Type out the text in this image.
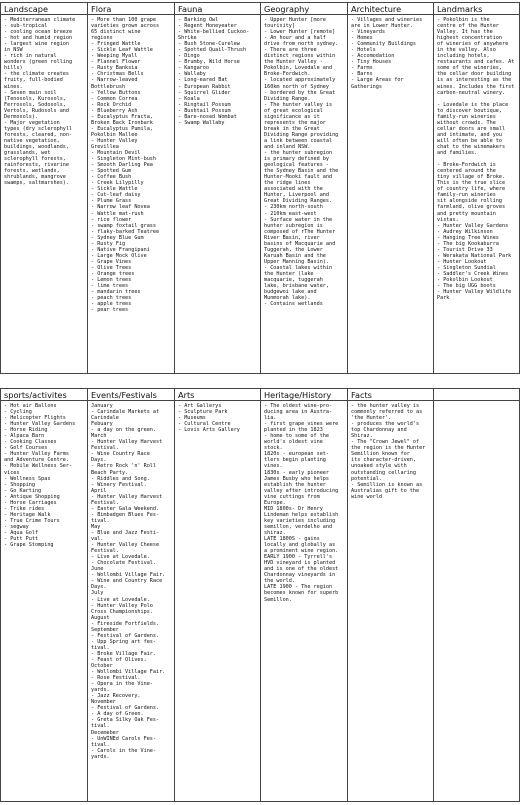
Landscape
- Mediterranean climate
- sub-tropical
- cooling ocean breeze
- hot and humid region
- largest wine region
in NSW
- rich in natural
wonders (green rolling
hills)
- the climate creates
fruity, full-bodied
wines.
- Seven main soil
(Tenosols, Kurosols,
Ferrosols, Sodosols,
Vertols, Rudosols and
Dermosols).
- Major vegetation
types (dry sclerophyll
forests, cleared, non-
native vegetation,
buildings, woodlands,
grasslands, wet
sclerophyll forests,
rainforests, riverine
forests, wetlands,
shrublands, mangrove
swamps, saltmarshes).
Flora
- More than 100 grape
varieties grown across
65 distinct wine
regions
- Fringed Wattle
- Sickle Leaf Wattle
- Weeping Myall
- Flannel Flower
- Rusty Banksia
- Christmas Bells
- Narrow-leaved
Bottlebrush
- Yellow Buttons
- Common Correa
- Rock Orchid
- Blueberry Ash
- Eucalyptus Fracta,
Broken Back Ironbark
- Eucalyptus Pumila,
Pokolbin Mallee
- Hunter Valley
Grevillea
- Mountain Devil
- Singleton Mint-bush
- Smooth Darling Pea
- Spotted Gum
- Coffee Bush
- Creek Lilypilly
- Sickle Wattle
- Cut-leaf daisy
- Plume Grass
- Narrow leaf Novea
- Wattle mat-rush
- rice flower
- swamp foxtail grass
- flaky-barked Teatree
- Sydney Blue Gum
- Rusty Fig
- Native Frangipani
- Large Mock Olive
- Grape Vines
- Olive Trees
- Orange trees
- Lemon trees
- lime trees
- mandarin trees
- peach trees
- apple trees
- pear trees
Fauna
- Barking Owl
- Regent Honeyeater
- White-bellied Cuckoo-
Shrike
- Bush Stone-Curelew
- Spotted Quail-Thrush
- Dingo
- Brumby, Wild Horse
- Kangaroo
- Wallaby
- Long-eared Bat
- European Rabbit
- Squirrel Glider
- Koala
- Ringtail Possum
- Bushtail Possum
- Bare-nosed Wombat
- Swamp Wallaby
Geography
- Upper Hunter [more
tourisity]
- Lower Hunter [remote]
- An hour and a half
drive from north sydney.
- There are three
distinct regions within
the Hunter Valley -
Pokolbin, Lovedale and
Broke-Fordwich.
- located approximately
160km north of Sydney
- bordered by the Great
Dividing Range.
- The hunter valley is
of great ecological
significance as it
represents the major
break in the Great
Dividing Range providing
a link between coastal
and inland NSW.
- the hunter subregion
is primary defined by
geological features -
the Sydney Basin and the
Hunter-Mooki fault and
the ridge lines
associated with the
Hunter, Liverpool and
Great Dividing Ranges.
- 230km north-south
- 210km east-west
- Surface water in the
hunter subregion is
composed of rThe Hunter
River Basin, river
basins of Macquarie and
Tuggerah, the Lower
Karuah Basin and the
Upper Manning Basin).
- Coastal lakes within
the Hunter (lake
macquarie, tuggerah
lake, brisbane water,
budgewoi lake and
Munmorah lake).
- Contains wetlands
Architecture
- Villages and wineries
are in Lower Hunter.
- Vineyards
- Homes
- Community Buildings
- Hotels
- Accomodation
- Tiny Houses
- Farms
- Barns
- Large Areas for
Gatherings
Landmarks
- Pokolbin is the
centre of the Hunter
Valley. It has the
highest concentration
of wineries of anywhere
in the valley. Also
including hotels,
restaurants and cafes. At
some of the wineries,
the cellar door building
is as interesting as the
wines. Includes the first
carbon-neutral winery.

- Lovedale is the place
to discover boutique,
family-run wineries
without crowds. The
cellar doors are small
and intimate, and you
will often be able to
chat to the winemakers
and families.

- Broke-Fordwich is
centered around the
tiny village of Broke.
This is the true slice
of country life, where
family-run wineries
sit alongside rolling
farmland, olive groves
and pretty mountain
vistas.
- Hunter Valley Gardens
- Audrey Wilkinson
- Hanging Tree Wines
- The big Kookaburra
- Tourist Drive 33
- Werakata National Park
- Hunter Lookout
- Singleton Sundial
- Saddler's Creek Wines
- Pokolbin Lookout
- The big UGG boots
- Hunter Valley Wildlife
Park
sports/activites
- Hot air Ballons
- Cycling
- Helicopter Flights
- Hunter Valley Gardens
- Horse Riding
- Alpaca Barn
- Cooking Classes
- Golf Courses
- Hunter Valley Farms
and Adventure Centre.
- Mobile Wellness Ser-
vices
- Wellness Spas
- Shopping
- Go Karting
- Antique Shopping
- Horse Carriages
- Trike rides
- Heritage Walk
- True Crime Tours
- segway
- Aqua Golf
- Putt Putt
- Grape Stomping
Events/Festivals
January
- Carindale Markets at
Carindale
Febuary
- a day on the green.
March
- Hunter Valley Harvest
Festival.
- Wine Country Race
Days.
- Retro Rock 'n' Roll
Beach Party.
- Riddles and Song.
- Winery Festival.
April
- Hunter Valley Harvest
Festival.
- Easter Gala Weekend.
- Bimbadgen Blues Fes-
tival.
May
- Blue and Jazz Festi-
val.
- Hunter Valley Cheese
Festival.
- Live at Lovedale.
- Chocolate Festival.
June
- Wollombi Village Fair.
- Wine and Country Race
Days.
July
- Live at Lovedale.
- Hunter Valley Polo
Cross Championships.
August
- Fireside Fortfields.
September
- Festival of Gardens.
- Upp Spring art fes-
tival.
- Broke Village Fair.
- Feast of Olives.
October
- Wollombi Village Fair.
- Rose Festival.
- Opera in the Vine-
yards.
- Jazz Recovery.
November
- Festival of Gardens.
- A day of Green.
- Greta Silky Oak Fes-
tival.
Decemeber
- UnWINEd Carols Fes-
tival.
- Carols in the Vine-
yards.
Arts
- Art Gallerys
- Sculpture Park
- Museums
- Cultural Centre
- Lovis Arts Gallery
Heritage/History
- The oldest wine-pro-
ducing area in Austra-
lia.
- first grape vines were
planted in the 1823
- home to some of the
world's oldest vine
stock.
1820s - european set-
tlers begin planting
vines.
1830s - early pioneer
James Busby who helps
establish the hunter
valley after introducing
vine cuttings from
Europe.
MID 1800s- Dr Henry
Lindeman helps establish
key varieties including
semillon, verdelho and
shiraz.
LATE 1800S - gains
locally and globally as
a prominent wine region.
EARLY 1900 - Tyrrell's
HVD vineyard is planted
and is one of the oldest
Chardonnay vineyards in
the world.
LATE 1900 - The region
becomes known for superb
Semillon.
Facts
- the hunter valley is
commonly referred to as
'the Hunter'.
- produces the world's
top Chardonnay and
Shiraz.
- The "Crown Jewel" of
the region is the Hunter
Semillion known for
its character-driven,
unoaked style with
outstanding cellaring
potential.
- Semillion is known as
Australias gift to the
wine world
